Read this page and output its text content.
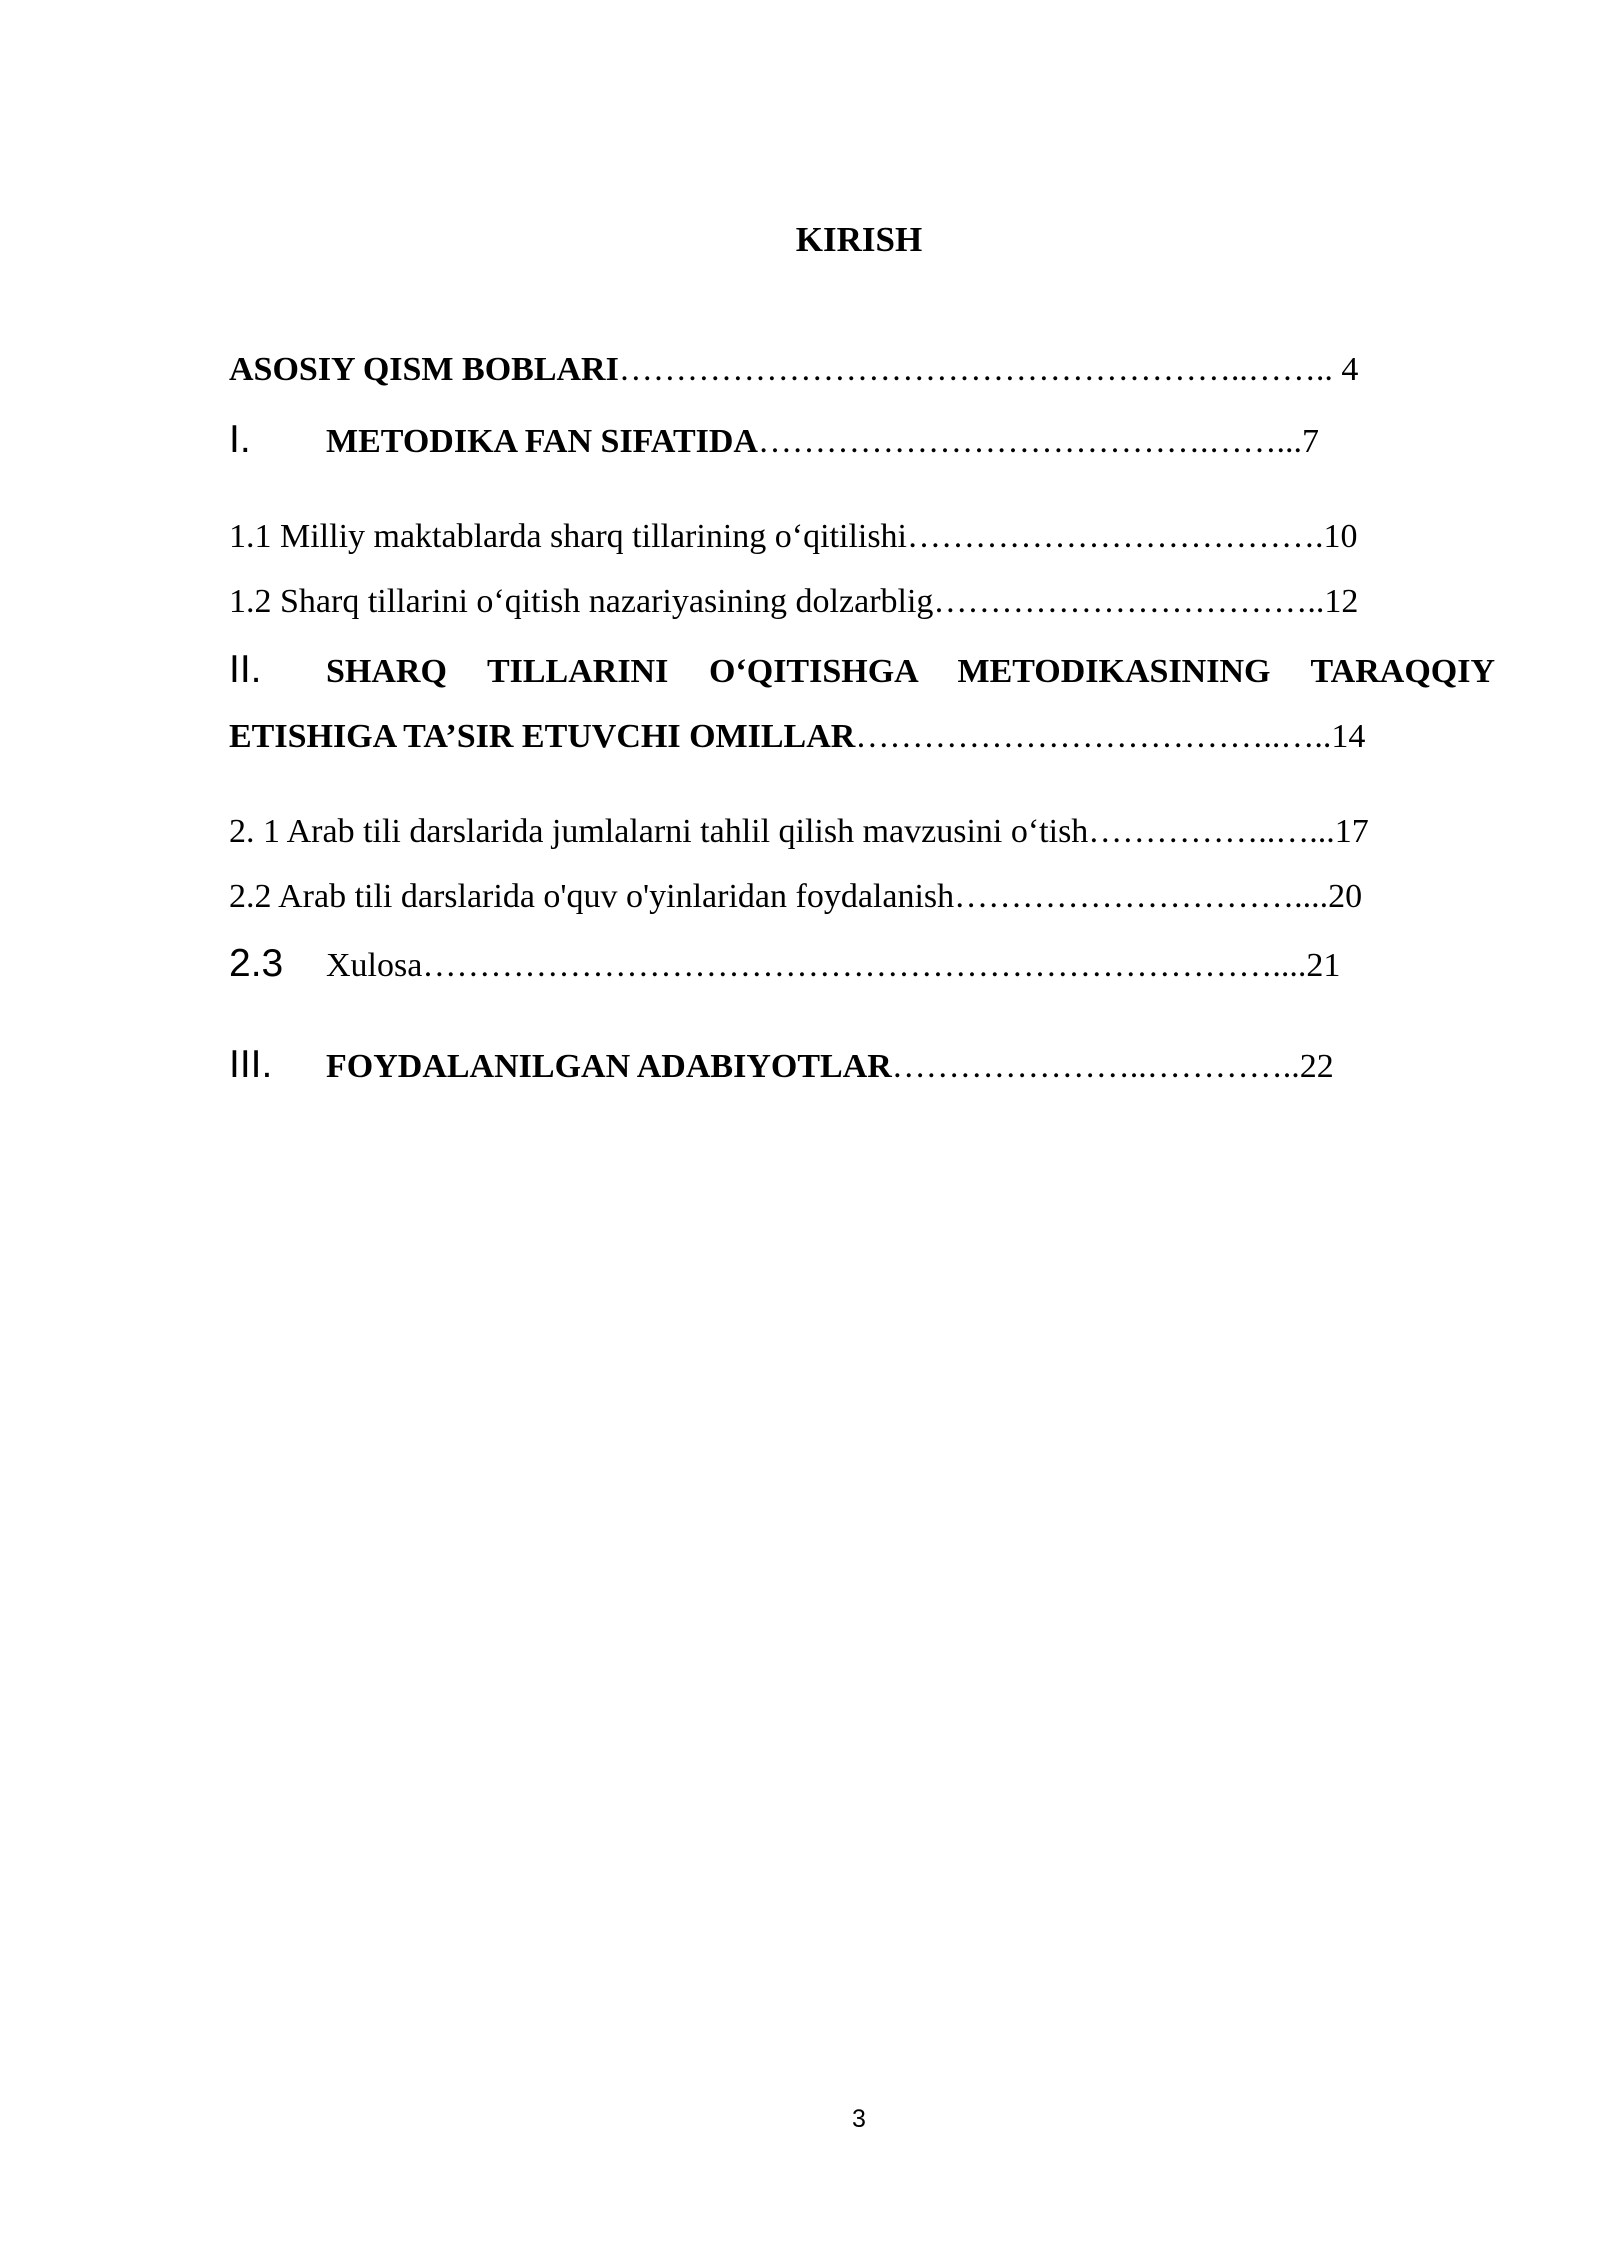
KIRISH
ASOSIY QISM BOBLARI………………………………………………..…….. 4
I. METODIKA FAN SIFATIDA………………………………….……...7
1.1 Milliy maktablarda sharq tillarining o‘qitilishi……………………………….10
1.2 Sharq tillarini o‘qitish nazariyasining dolzarblig……………………………..12
II. SHARQ TILLARINI O‘QITISHGA METODIKASINING TARAQQIY
ETISHIGA TA’SIR ETUVCHI OMILLAR………………………………..…..14
2. 1 Arab tili darslarida jumlalarni tahlil qilish mavzusini o‘tish……………..…...17
2.2 Arab tili darslarida o'quv o'yinlaridan foydalanish…………………………....20
2.3 Xulosa…………………………………………………………………....21
III. FOYDALANILGAN ADABIYOTLAR…………………..…………..22
3
